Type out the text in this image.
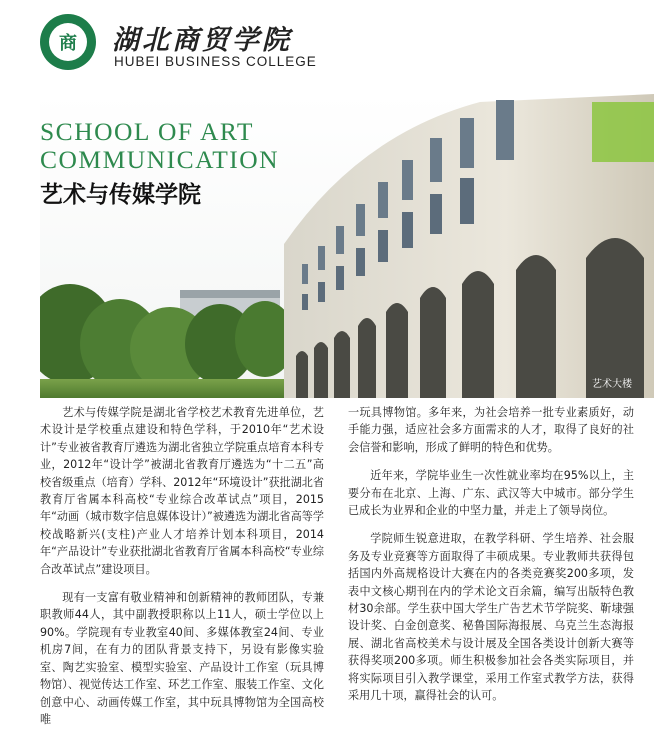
商	湖北商贸学院
HUBEI BUSINESS COLLEGE
SCHOOL OF ART
COMMUNICATION
艺术与传媒学院
艺术大楼

艺术与传媒学院是湖北省学校艺术教育先进单位，艺术设计是学校重点建设和特色学科，于2010年“艺术设计”专业被省教育厅遴选为湖北省独立学院重点培育本科专业，2012年“设计学”被湖北省教育厅遴选为“十二五”高校省级重点（培育）学科、2012年“环境设计”获批湖北省教育厅省属本科高校“专业综合改革试点”项目，2015年“动画（城市数字信息媒体设计）”被遴选为湖北省高等学校战略新兴(支柱)产业人才培养计划本科项目，2014年“产品设计”专业获批湖北省教育厅省属本科高校“专业综合改革试点”建设项目。

现有一支富有敬业精神和创新精神的教师团队，专兼职教师44人，其中副教授职称以上11人，硕士学位以上90%。学院现有专业教室40间、多媒体教室24间、专业机房7间，在有力的团队背景支持下，另设有影像实验室、陶艺实验室、模型实验室、产品设计工作室（玩具博物馆）、视觉传达工作室、环艺工作室、服装工作室、文化创意中心、动画传媒工作室，其中玩具博物馆为全国高校唯

一玩具博物馆。多年来，为社会培养一批专业素质好，动手能力强，适应社会多方面需求的人才，取得了良好的社会信誉和影响，形成了鲜明的特色和优势。

近年来，学院毕业生一次性就业率均在95%以上，主要分布在北京、上海、广东、武汉等大中城市。部分学生已成长为业界和企业的中坚力量，并走上了领导岗位。

学院师生锐意进取，在教学科研、学生培养、社会服务及专业竞赛等方面取得了丰硕成果。专业教师共获得包括国内外高规格设计大赛在内的各类竞赛奖200多项，发表中文核心期刊在内的学术论文百余篇，编写出版特色教材30余部。学生获中国大学生广告艺术节学院奖、靳埭强设计奖、白金创意奖、秘鲁国际海报展、乌克兰生态海报展、湖北省高校美术与设计展及全国各类设计创新大赛等获得奖项200多项。师生积极参加社会各类实际项目，并将实际项目引入教学课堂，采用工作室式教学方法，获得采用几十项，赢得社会的认可。
